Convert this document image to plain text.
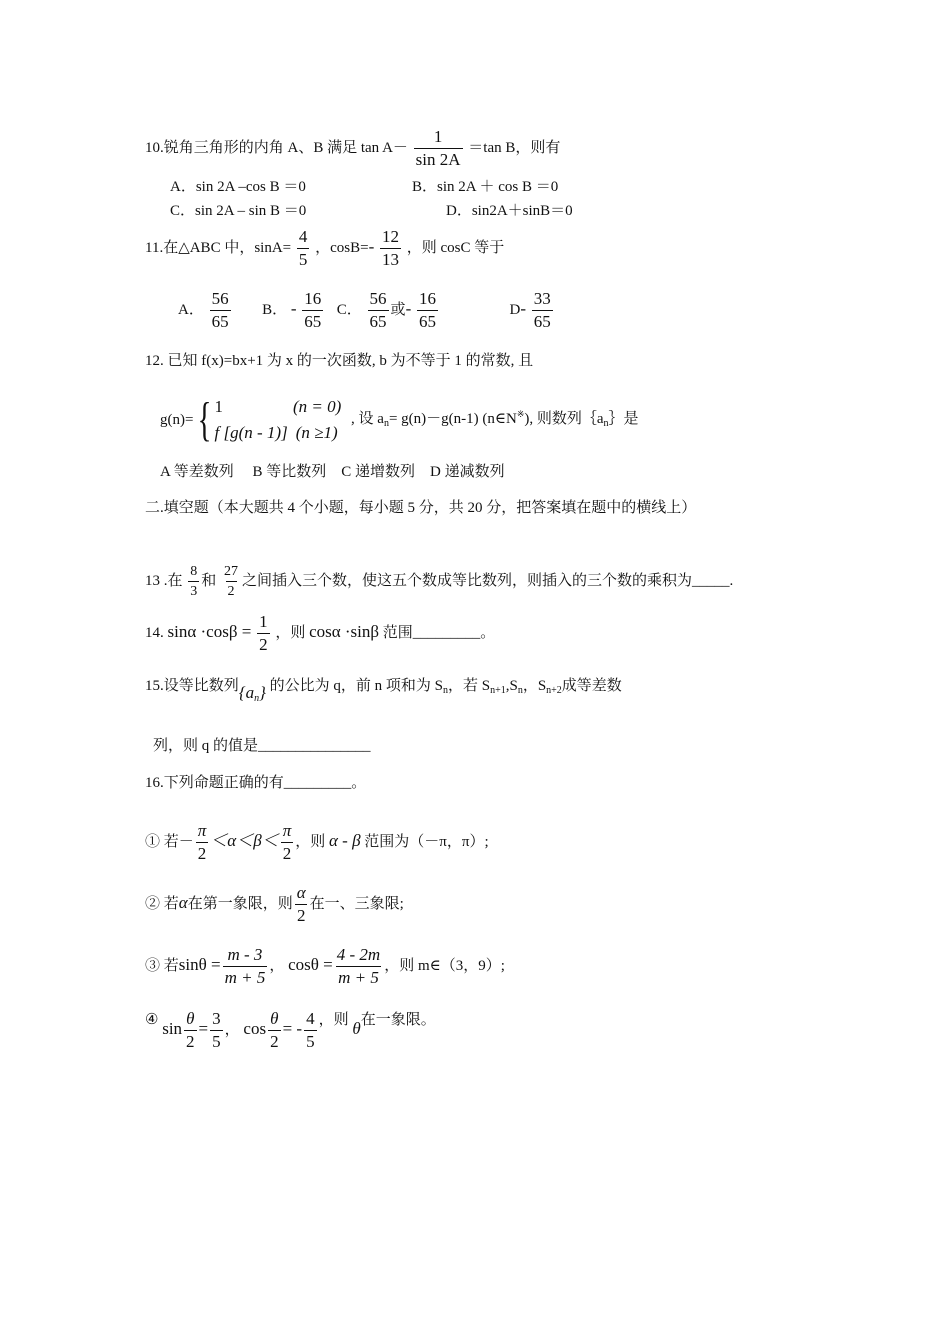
10.锐角三角形的内角 A、B 满足 $\tan A- \frac{1}{\sin 2A} =\tan$ B，则有
A．sin 2A –cos B ＝0	B．sin 2A ＋ cos B ＝0
C．sin 2A – sin B ＝0	D．sin2A＋sinB＝0
11.在△ABC 中，$\sin A= \frac{4}{5}$ ，$\cos B=- \frac{12}{13}$ ，则 cosC 等于
A． $\frac{56}{65}$ B． - $\frac{16}{65}$ C． $\frac{56}{65}$ 或- $\frac{16}{65}$	$D- \frac{33}{65}$
12. 已知 f(x)=bx+1 为 x 的一次函数, b 为不等于 1 的常数, 且
g(n)= { 1	(n = 0)
f [g(n - 1)] (n ≥1)
, 设 $a_n= g(n)-g(n-1)$ (n∈N※), 则数列$\{a_n\}$是
A 等差数列　 B 等比数列　C 递增数列　D 递减数列
二.填空题（本大题共 4 个小题，每小题 5 分，共 20 分，把答案填在题中的横线上）
13 .在 $\frac{8}{3}$ 和 $\frac{27}{2}$ 之间插入三个数，使这五个数成等比数列，则插入的三个数的乘积为_____.
14. $\sin\alpha \cdot\cos\beta = \frac{1}{2}$ ，则 cosα ·sinβ 范围_________。
15.设等比数列$\{a_n\}$ 的公比为 q，前 n 项和为 $S_n$，若 $S_{n+1},S_n$，$S_{n+2}$成等差数
列，则 q 的值是_______________
16.下列命题正确的有_________。
① 若－ $\frac{\pi}{2} <\alpha<\beta< \frac{\pi}{2}$ ，则 α - β 范围为（－π，π）;
② 若α在第一象限，则 $\frac{\alpha}{2}$ 在一、三象限;
③ 若$\sin\theta = \frac{m - 3}{m + 5}$ ， $\cos\theta = \frac{4 - 2m}{m + 5}$ ，则 m∈（3，9）;
④ $\sin \frac{\theta}{2} = \frac{3}{5}$ ， $\cos \frac{\theta}{2}$ = - $\frac{4}{5}$ ，则 θ在一象限。
